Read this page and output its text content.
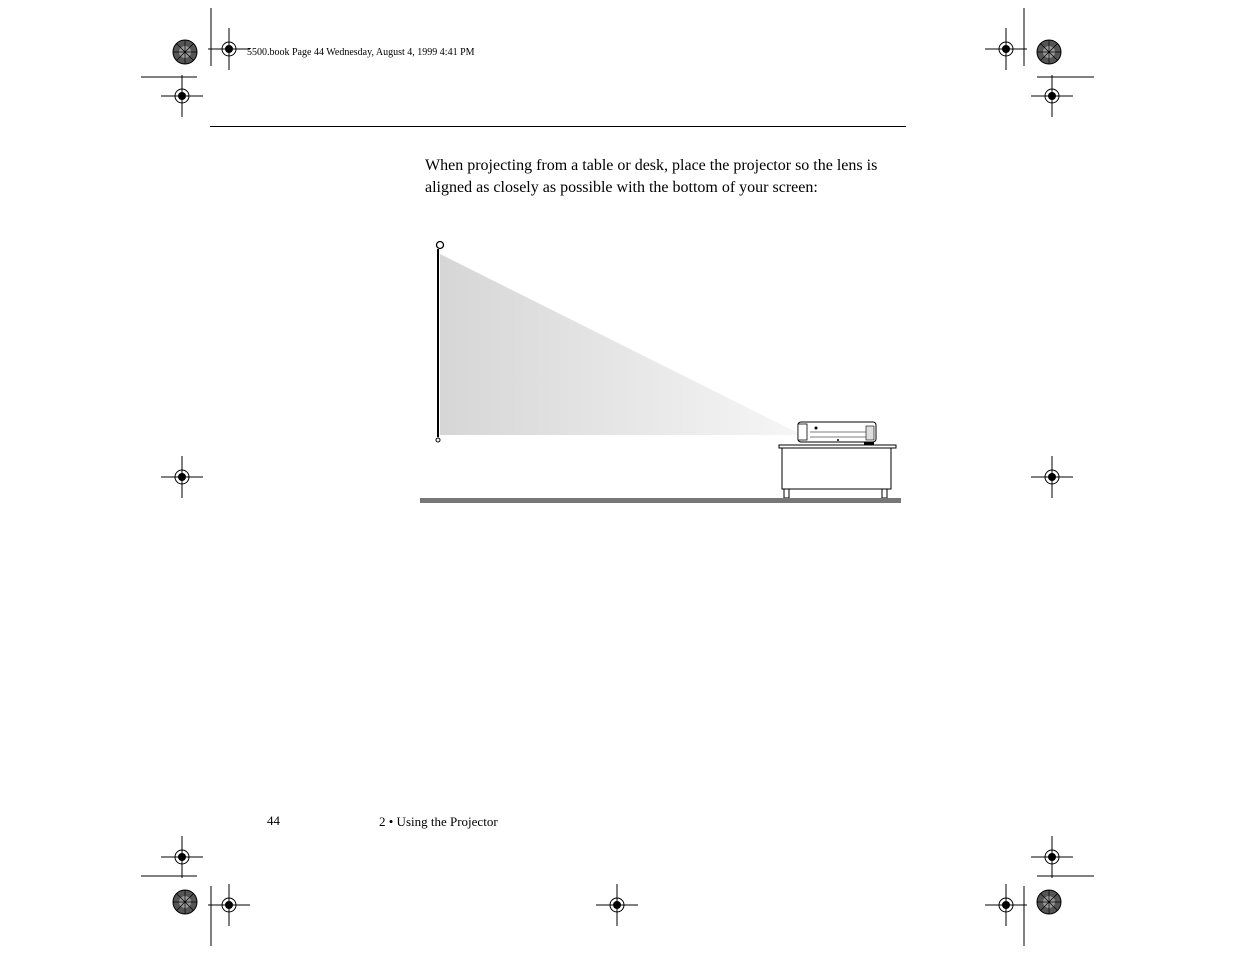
5500.book Page 44 Wednesday, August 4, 1999 4:41 PM

When projecting from a table or desk, place the projector so the lens is aligned as closely as possible with the bottom of your screen:

44	2 • Using the Projector
